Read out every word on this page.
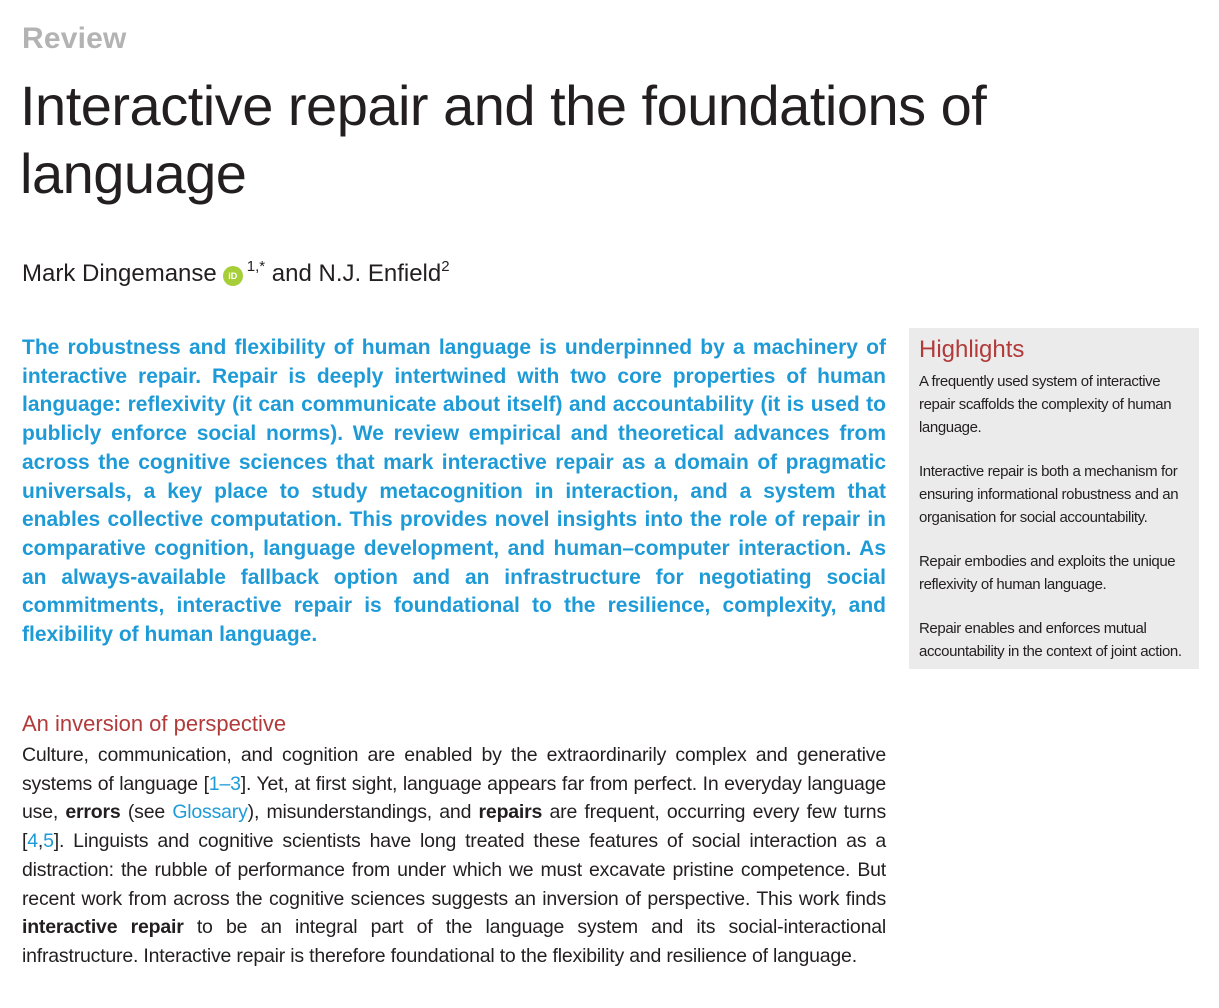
Review
Interactive repair and the foundations of language
Mark Dingemanse $iD^{1,*}$ and N.J. Enfield$^2$

The robustness and flexibility of human language is underpinned by a machinery of interactive repair. Repair is deeply intertwined with two core properties of human language: reflexivity (it can communicate about itself) and accountability (it is used to publicly enforce social norms). We review empirical and theoretical advances from across the cognitive sciences that mark interactive repair as a domain of pragmatic universals, a key place to study metacognition in interaction, and a system that enables collective computation. This provides novel insights into the role of repair in comparative cognition, language development, and human–computer interaction. As an always-available fallback option and an infrastructure for negotiating social commitments, interactive repair is foundational to the resilience, complexity, and flexibility of human language.

Highlights

A frequently used system of interactive repair scaffolds the complexity of human language.

Interactive repair is both a mechanism for ensuring informational robustness and an organisation for social accountability.

Repair embodies and exploits the unique reflexivity of human language.

Repair enables and enforces mutual accountability in the context of joint action.

An inversion of perspective

Culture, communication, and cognition are enabled by the extraordinarily complex and generative systems of language [1–3]. Yet, at first sight, language appears far from perfect. In everyday language use, errors (see Glossary), misunderstandings, and repairs are frequent, occurring every few turns [4,5]. Linguists and cognitive scientists have long treated these features of social interaction as a distraction: the rubble of performance from under which we must excavate pristine competence. But recent work from across the cognitive sciences suggests an inversion of perspective. This work finds interactive repair to be an integral part of the language system and its social-interactional infrastructure. Interactive repair is therefore foundational to the flexibility and resilience of language.
